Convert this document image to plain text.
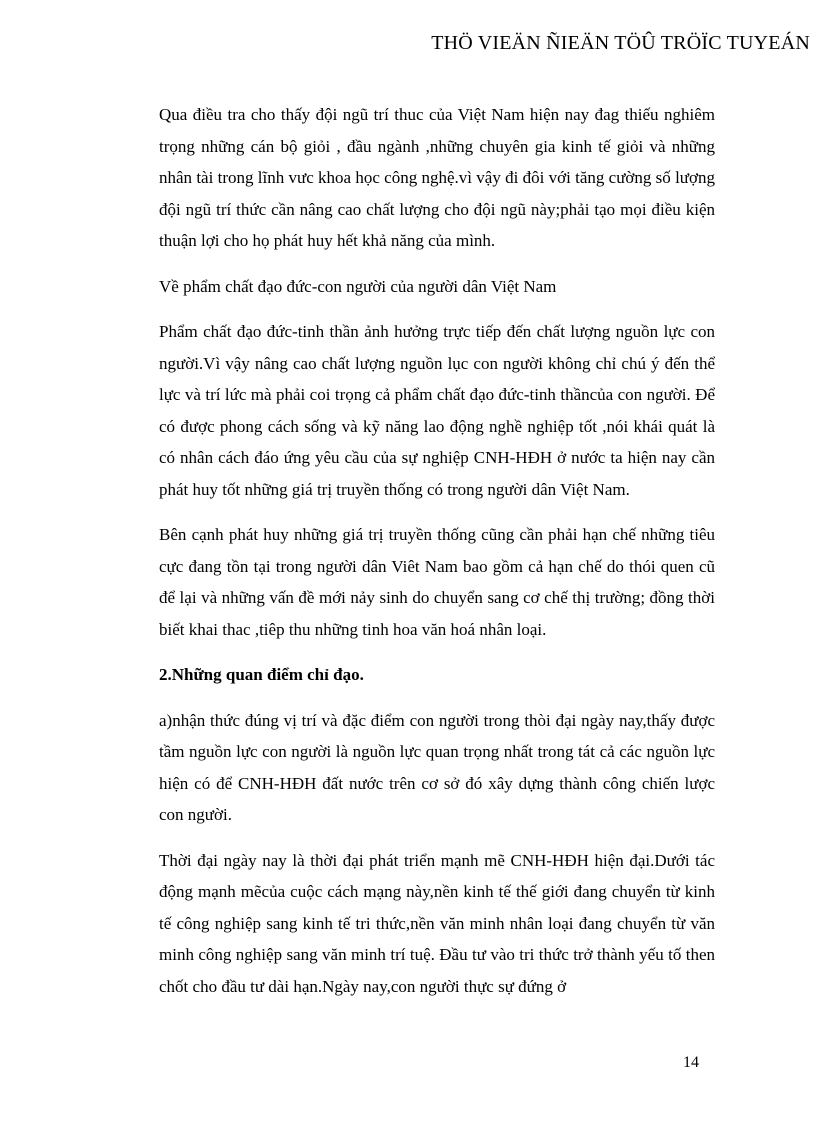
THÖ VIEÄN ÑIEÄN TÖÛ TRÖÏC TUYEÁN

Qua điều tra cho thấy đội ngũ trí thuc của Việt Nam hiện nay đag thiếu nghiêm trọng những cán bộ giỏi , đầu ngành ,những chuyên gia kinh tế giỏi và những nhân tài trong lĩnh vưc khoa học công nghệ.vì vậy đi đôi với tăng cường số lượng đội ngũ trí thức cần nâng cao chất lượng cho đội ngũ này;phải tạo mọi điều kiện thuận lợi cho họ phát huy hết khả năng của mình.

Về phẩm chất đạo đức-con người của người dân Việt Nam

Phẩm chất đạo đức-tinh thần ảnh hưởng trực tiếp đến chất lượng nguồn lực con người.Vì vậy nâng cao chất lượng nguồn lục con người không chỉ chú ý đến thể lực và trí lức mà phải coi trọng cả phẩm chất đạo đức-tinh thầncủa con người. Để có được phong cách sống và kỹ năng lao động nghề nghiệp tốt ,nói khái quát là có nhân cách đáo ứng yêu cầu của sự nghiệp CNH-HĐH ở nước ta hiện nay cần phát huy tốt những giá trị truyền thống có trong người dân Việt Nam.

Bên cạnh phát huy những giá trị truyền thống cũng cần phải hạn chế những tiêu cực đang tồn tại trong người dân Viêt Nam bao gồm cả hạn chế do thói quen cũ để lại và những vấn đề mới nảy sinh do chuyển sang cơ chế thị trường; đồng thời biết khai thac ,tiêp thu những tinh hoa văn hoá nhân loại.

2.Những quan điểm chỉ đạo.

a)nhận thức đúng vị trí và đặc điểm con người trong thòi đại ngày nay,thấy được tầm nguồn lực con người là nguồn lực quan trọng nhất trong tát cả các nguồn lực hiện có để CNH-HĐH đất nước trên cơ sở đó xây dựng thành công chiến lược con người.

Thời đại ngày nay là thời đại phát triển mạnh mẽ CNH-HĐH hiện đại.Dưới tác động mạnh mẽcủa cuộc cách mạng này,nền kinh tế thế giới đang chuyển từ kinh tế công nghiệp sang kinh tế tri thức,nền văn minh nhân loại đang chuyển từ văn minh công nghiệp sang văn minh trí tuệ. Đầu tư vào tri thức trở thành yếu tố then chốt cho đầu tư dài hạn.Ngày nay,con người thực sự đứng ở

14
